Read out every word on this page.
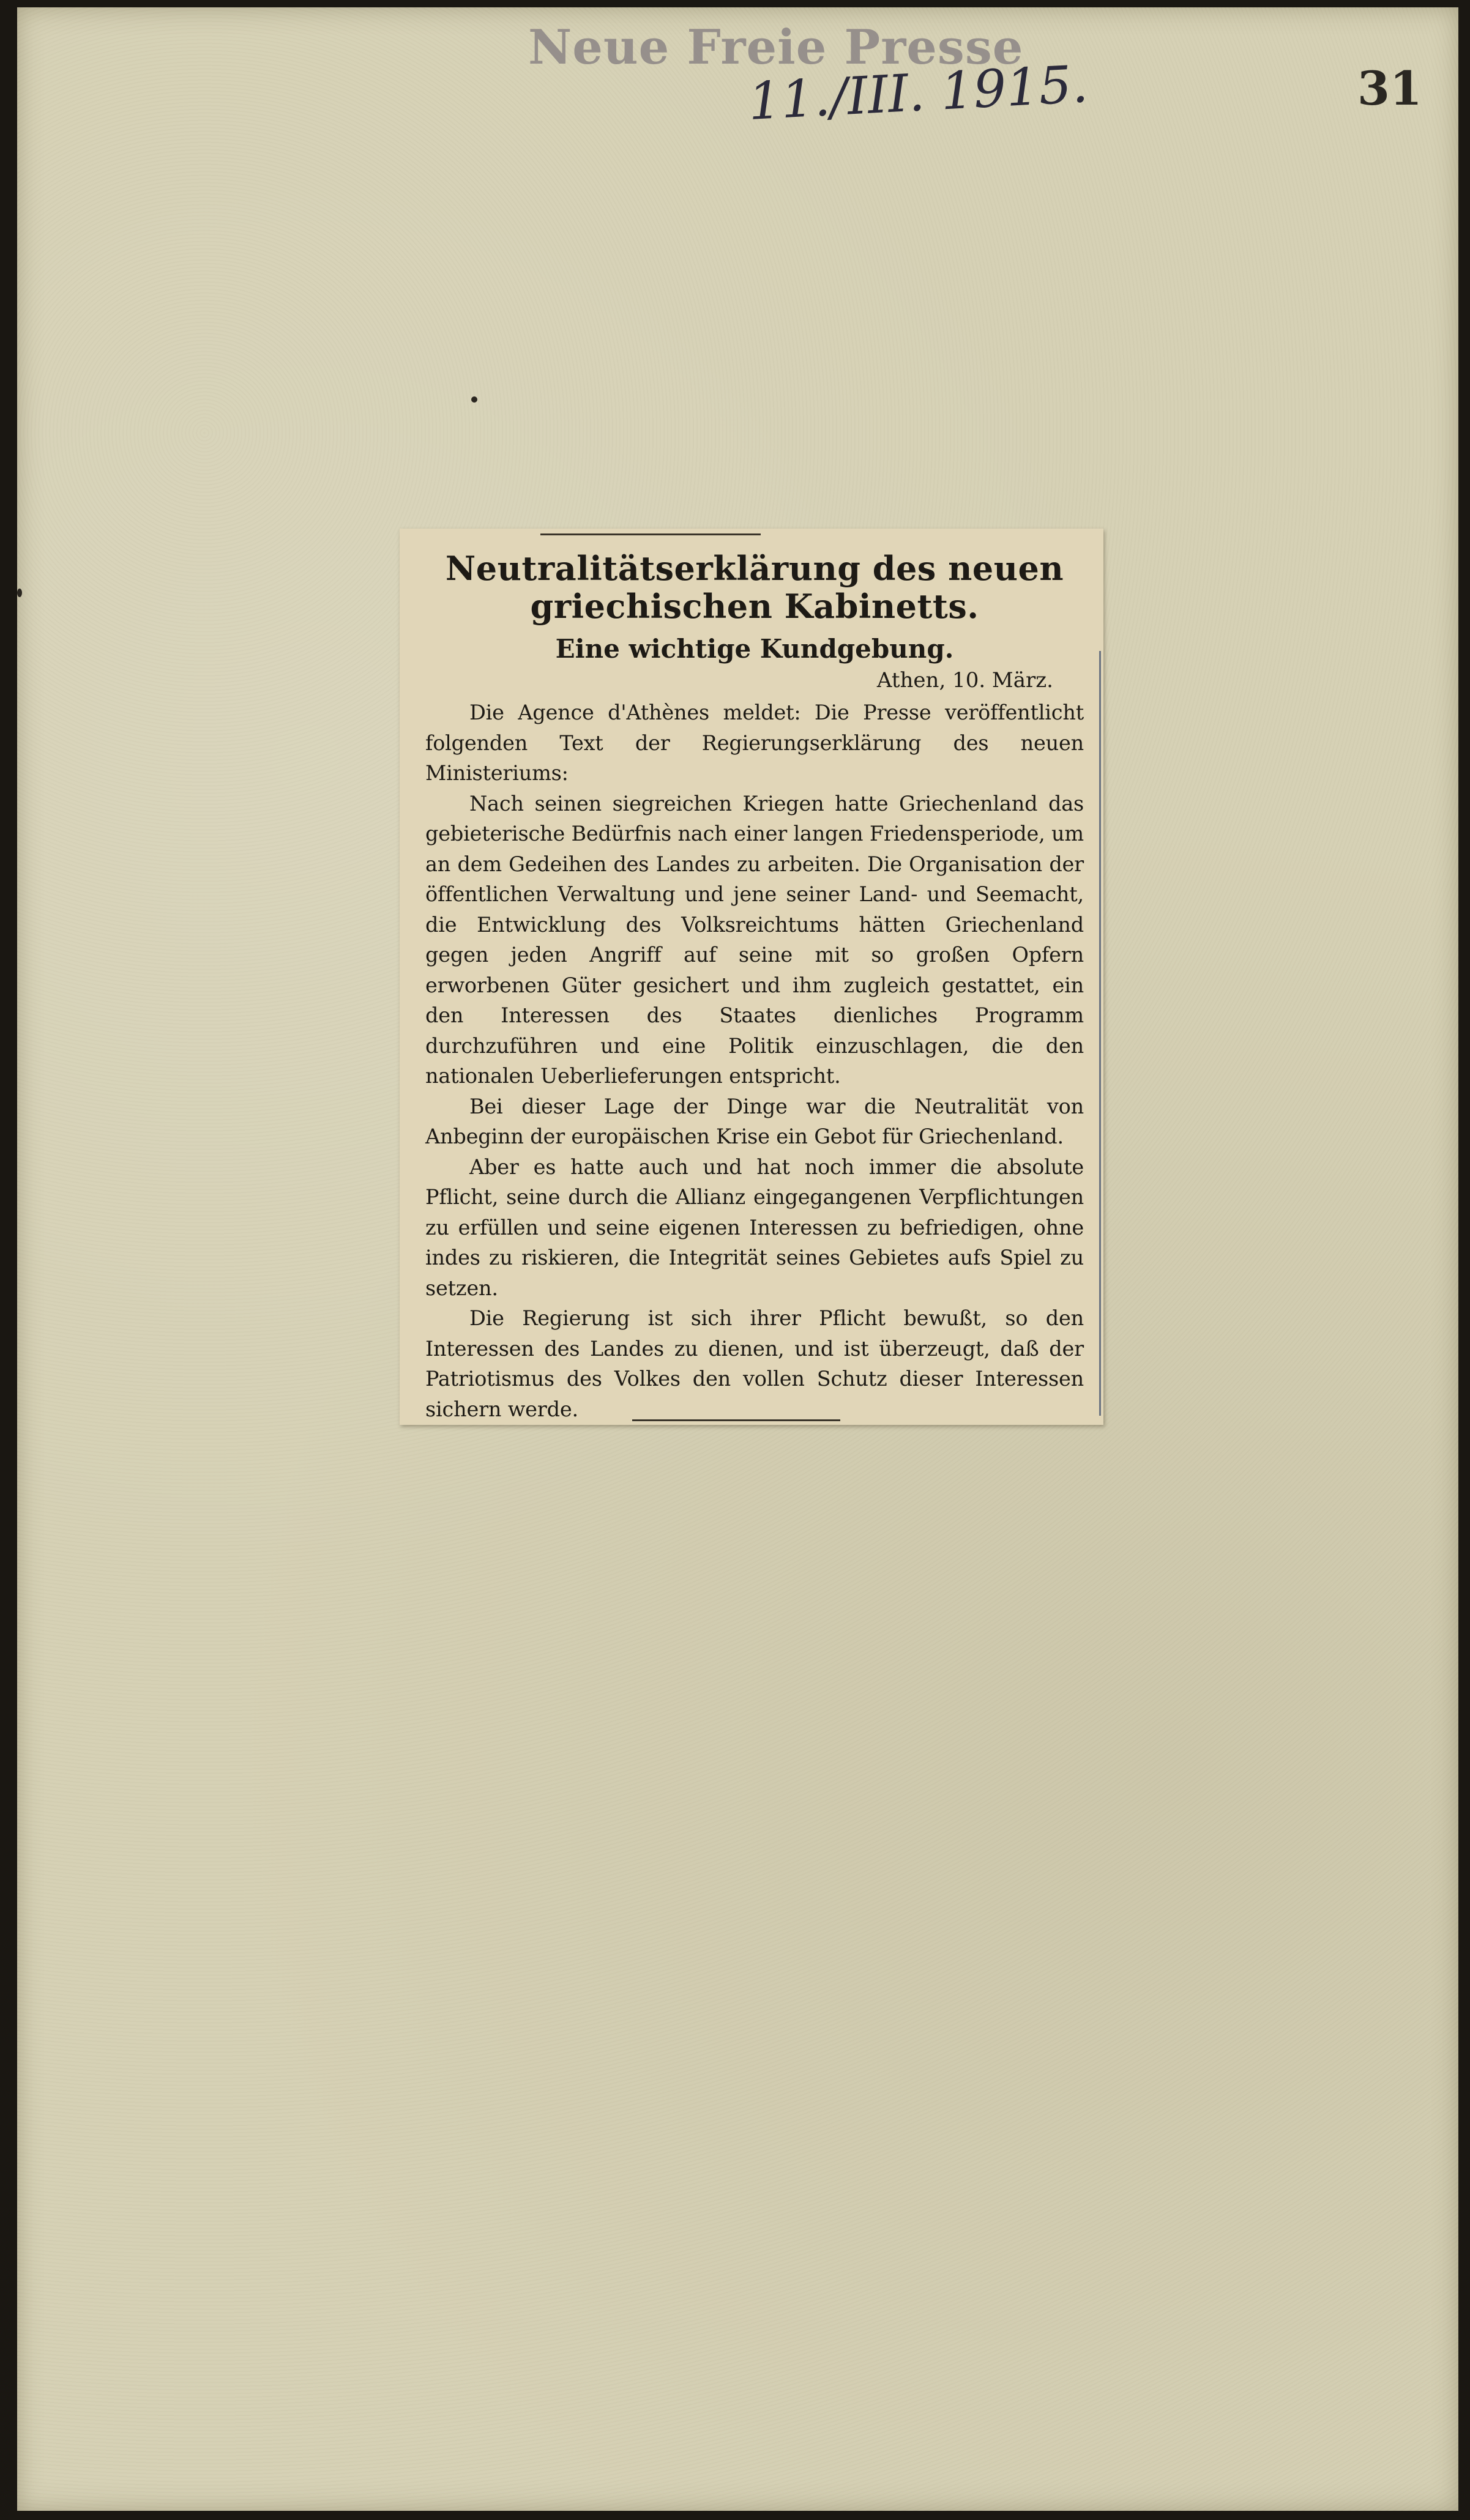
Neue Freie Presse
11./III. 1915.	31
Neutralitätserklärung des neuen griechischen Kabinetts.
Eine wichtige Kundgebung.
Athen, 10. März.

Die Agence d'Athènes meldet: Die Presse veröffentlicht folgenden Text der Regierungserklärung des neuen Ministeriums:

Nach seinen siegreichen Kriegen hatte Griechenland das gebieterische Bedürfnis nach einer langen Friedensperiode, um an dem Gedeihen des Landes zu arbeiten. Die Organisation der öffentlichen Verwaltung und jene seiner Land- und Seemacht, die Entwicklung des Volksreichtums hätten Griechenland gegen jeden Angriff auf seine mit so großen Opfern erworbenen Güter gesichert und ihm zugleich gestattet, ein den Interessen des Staates dienliches Programm durchzuführen und eine Politik einzuschlagen, die den nationalen Ueberlieferungen entspricht.

Bei dieser Lage der Dinge war die Neutralität von Anbeginn der europäischen Krise ein Gebot für Griechenland.

Aber es hatte auch und hat noch immer die absolute Pflicht, seine durch die Allianz eingegangenen Verpflichtungen zu erfüllen und seine eigenen Interessen zu befriedigen, ohne indes zu riskieren, die Integrität seines Gebietes aufs Spiel zu setzen.

Die Regierung ist sich ihrer Pflicht bewußt, so den Interessen des Landes zu dienen, und ist überzeugt, daß der Patriotismus des Volkes den vollen Schutz dieser Interessen sichern werde.
